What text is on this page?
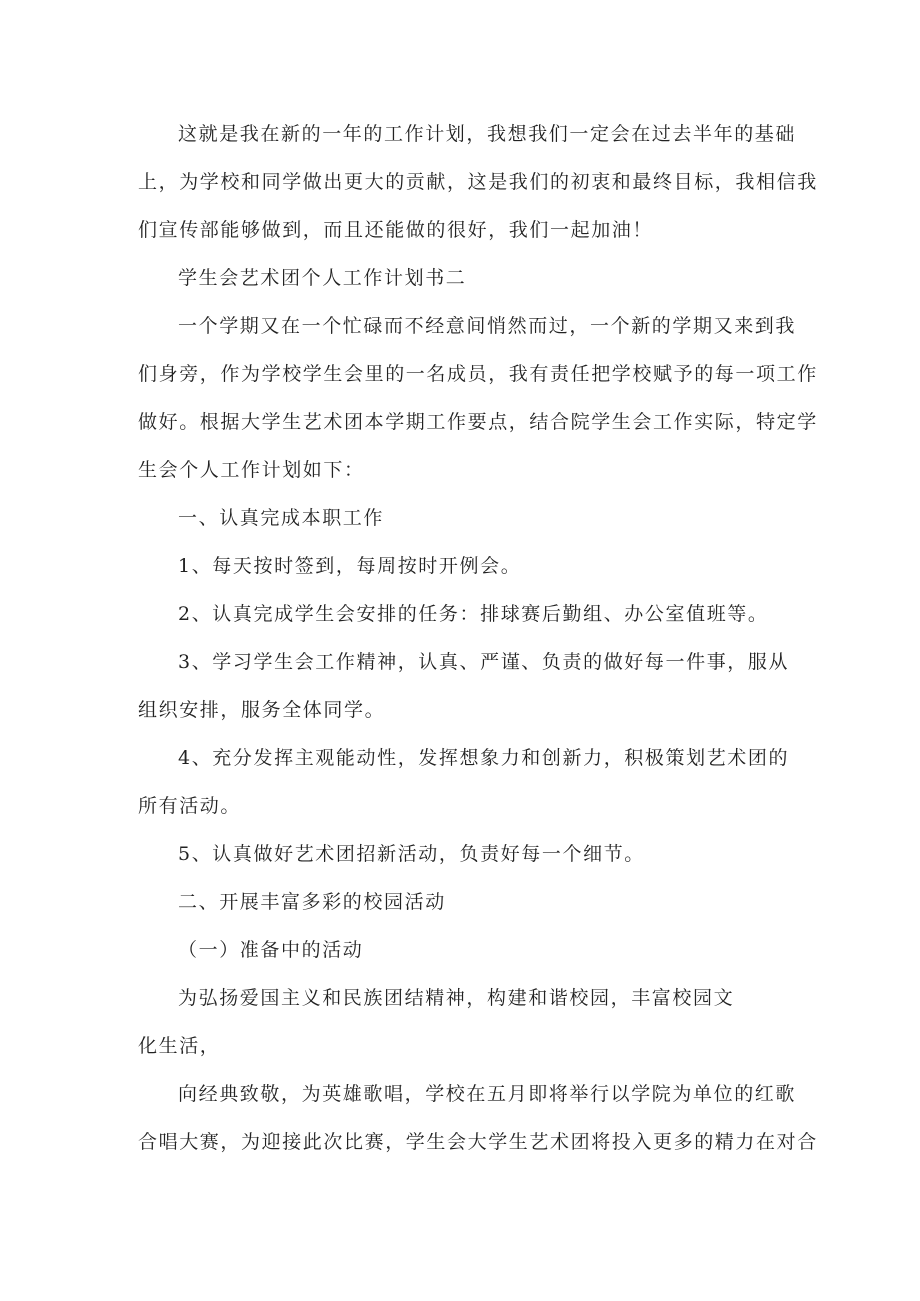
这就是我在新的一年的工作计划，我想我们一定会在过去半年的基础
上，为学校和同学做出更大的贡献，这是我们的初衷和最终目标，我相信我
们宣传部能够做到，而且还能做的很好，我们一起加油！
学生会艺术团个人工作计划书二
一个学期又在一个忙碌而不经意间悄然而过，一个新的学期又来到我
们身旁，作为学校学生会里的一名成员，我有责任把学校赋予的每一项工作
做好。根据大学生艺术团本学期工作要点，结合院学生会工作实际，特定学
生会个人工作计划如下：
一、认真完成本职工作
1、每天按时签到，每周按时开例会。
2、认真完成学生会安排的任务：排球赛后勤组、办公室值班等。
3、学习学生会工作精神，认真、严谨、负责的做好每一件事，服从
组织安排，服务全体同学。
4、充分发挥主观能动性，发挥想象力和创新力，积极策划艺术团的
所有活动。
5、认真做好艺术团招新活动，负责好每一个细节。
二、开展丰富多彩的校园活动
（一）准备中的活动
为弘扬爱国主义和民族团结精神，构建和谐校园，丰富校园文
化生活，
向经典致敬，为英雄歌唱，学校在五月即将举行以学院为单位的红歌
合唱大赛，为迎接此次比赛，学生会大学生艺术团将投入更多的精力在对合
